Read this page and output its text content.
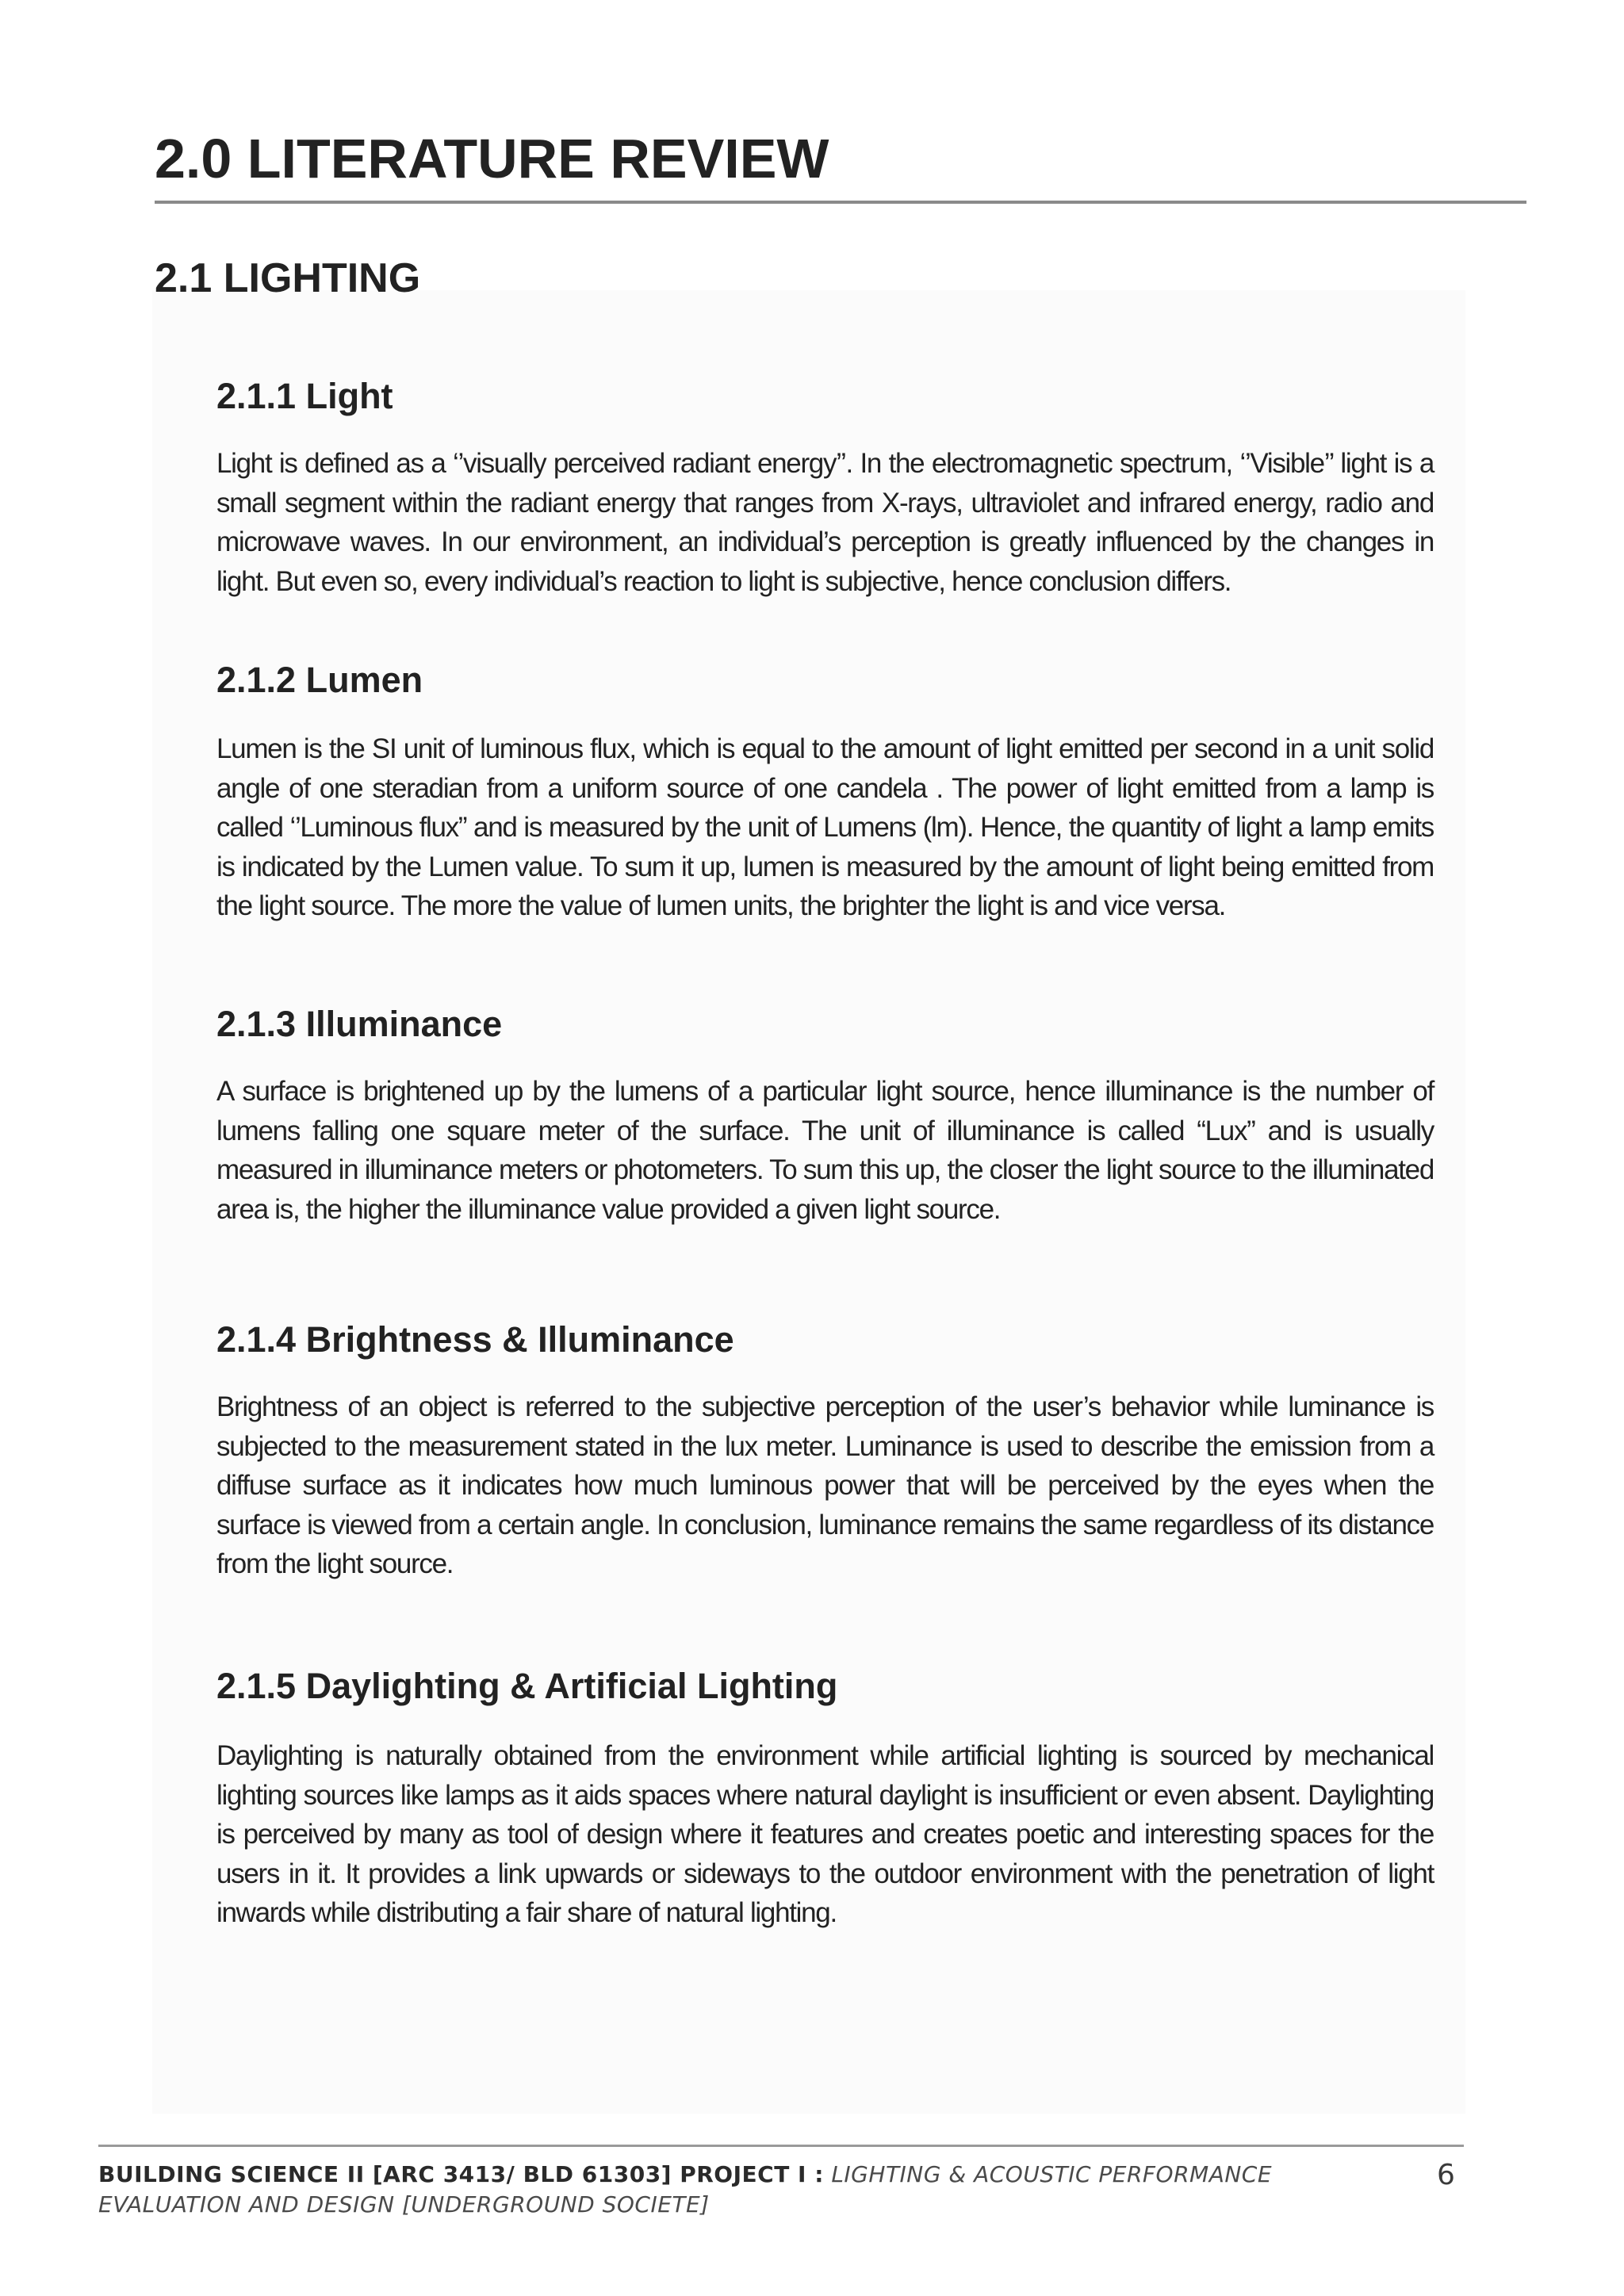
2.0 LITERATURE REVIEW
2.1 LIGHTING
2.1.1 Light

Light is defined as a ‘’visually perceived radiant energy’’. In the electromagnetic spectrum, ‘’Visible’’ light is a small segment within the radiant energy that ranges from X-rays, ultraviolet and infrared energy, radio and microwave waves. In our environment, an individual’s perception is greatly influenced by the changes in light. But even so, every individual’s reaction to light is subjective, hence conclusion differs.

2.1.2 Lumen

Lumen is the SI unit of luminous flux, which is equal to the amount of light emitted per second in a unit solid angle of one steradian from a uniform source of one candela . The power of light emitted from a lamp is called ‘’Luminous flux” and is measured by the unit of Lumens (lm). Hence, the quantity of light a lamp emits is indicated by the Lumen value. To sum it up, lumen is measured by the amount of light being emitted from the light source. The more the value of lumen units, the brighter the light is and vice versa.

2.1.3 Illuminance

A surface is brightened up by the lumens of a particular light source, hence illuminance is the number of lumens falling one square meter of the surface. The unit of illuminance is called “Lux” and is usually measured in illuminance meters or photometers. To sum this up, the closer the light source to the illuminated area is, the higher the illuminance value provided a given light source.

2.1.4 Brightness & Illuminance

Brightness of an object is referred to the subjective perception of the user’s behavior while luminance is subjected to the measurement stated in the lux meter. Luminance is used to describe the emission from a diffuse surface as it indicates how much luminous power that will be perceived by the eyes when the surface is viewed from a certain angle. In conclusion, luminance remains the same regardless of its distance from the light source.

2.1.5 Daylighting & Artificial Lighting

Daylighting is naturally obtained from the environment while artificial lighting is sourced by mechanical lighting sources like lamps as it aids spaces where natural daylight is insufficient or even absent. Daylighting is perceived by many as tool of design where it features and creates poetic and interesting spaces for the users in it. It provides a link upwards or sideways to the outdoor environment with the penetration of light inwards while distributing a fair share of natural lighting.

BUILDING SCIENCE II [ARC 3413/ BLD 61303] PROJECT I : LIGHTING & ACOUSTIC PERFORMANCE EVALUATION AND DESIGN [UNDERGROUND SOCIETE]
6
